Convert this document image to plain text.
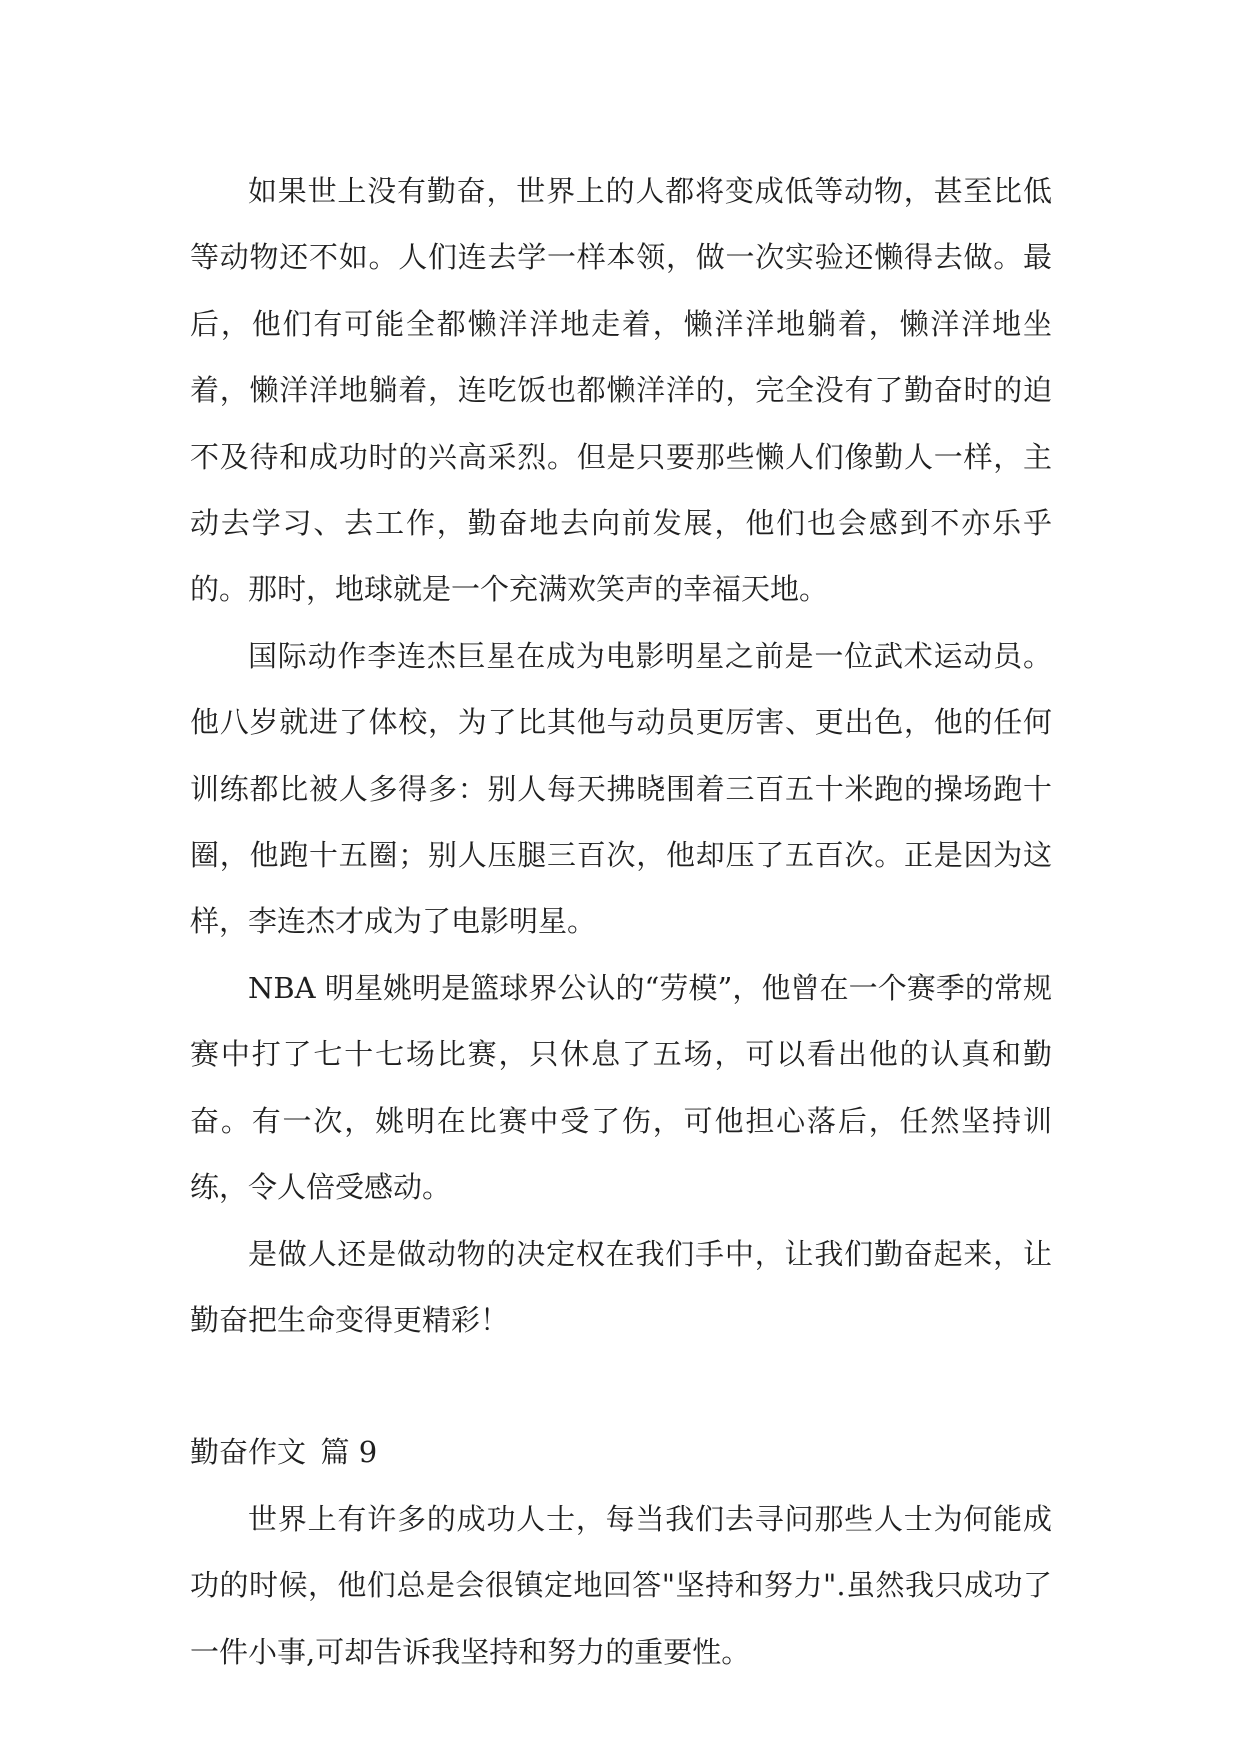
如果世上没有勤奋，世界上的人都将变成低等动物，甚至比低等动物还不如。人们连去学一样本领，做一次实验还懒得去做。最后，他们有可能全都懒洋洋地走着，懒洋洋地躺着，懒洋洋地坐着，懒洋洋地躺着，连吃饭也都懒洋洋的，完全没有了勤奋时的迫不及待和成功时的兴高采烈。但是只要那些懒人们像勤人一样，主动去学习、去工作，勤奋地去向前发展，他们也会感到不亦乐乎的。那时，地球就是一个充满欢笑声的幸福天地。

国际动作李连杰巨星在成为电影明星之前是一位武术运动员。他八岁就进了体校，为了比其他与动员更厉害、更出色，他的任何训练都比被人多得多：别人每天拂晓围着三百五十米跑的操场跑十圈，他跑十五圈；别人压腿三百次，他却压了五百次。正是因为这样，李连杰才成为了电影明星。

NBA 明星姚明是篮球界公认的“劳模”，他曾在一个赛季的常规赛中打了七十七场比赛，只休息了五场，可以看出他的认真和勤奋。有一次，姚明在比赛中受了伤，可他担心落后，任然坚持训练，令人倍受感动。

是做人还是做动物的决定权在我们手中，让我们勤奋起来，让勤奋把生命变得更精彩！

勤奋作文 篇 9

世界上有许多的成功人士，每当我们去寻问那些人士为何能成功的时候，他们总是会很镇定地回答"坚持和努力".虽然我只成功了一件小事,可却告诉我坚持和努力的重要性。
